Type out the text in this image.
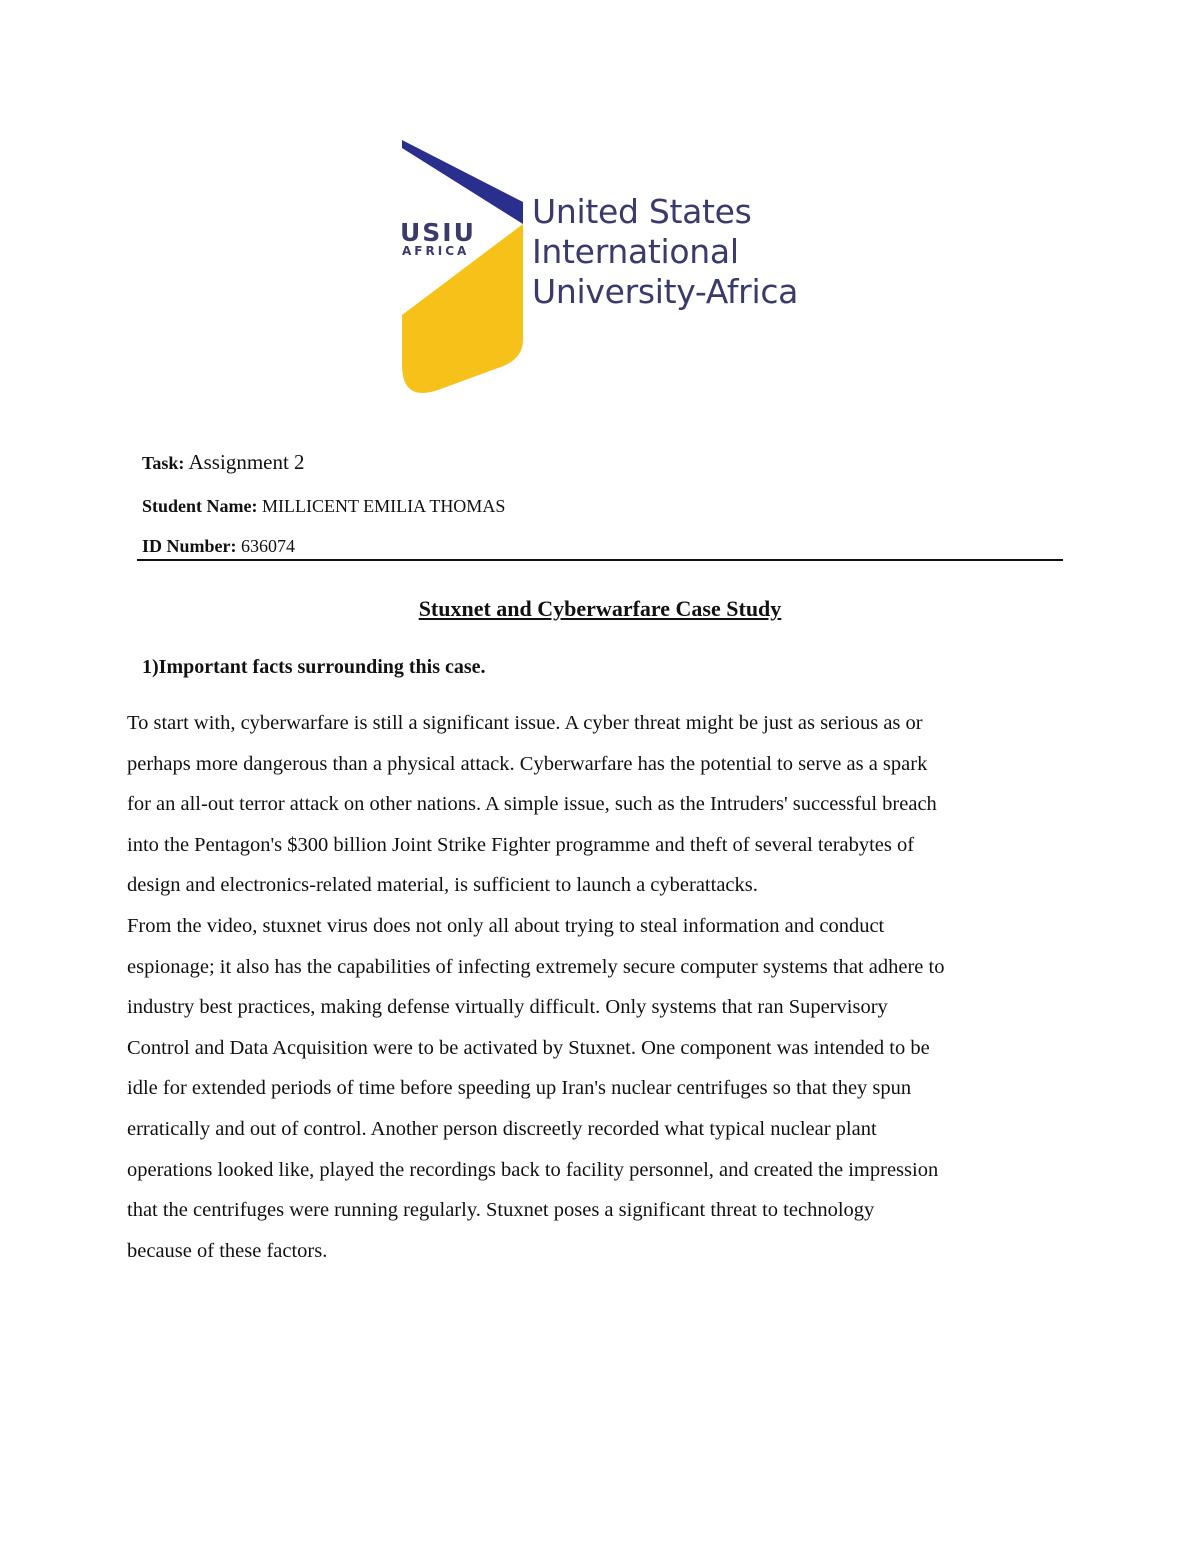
USIU
AFRICA
United States
International
University-Africa
Task: Assignment 2
Student Name: MILLICENT EMILIA THOMAS
ID Number: 636074
Stuxnet and Cyberwarfare Case Study
1)Important facts surrounding this case.
To start with, cyberwarfare is still a significant issue. A cyber threat might be just as serious as or
perhaps more dangerous than a physical attack. Cyberwarfare has the potential to serve as a spark
for an all-out terror attack on other nations. A simple issue, such as the Intruders' successful breach
into the Pentagon's $300 billion Joint Strike Fighter programme and theft of several terabytes of
design and electronics-related material, is sufficient to launch a cyberattacks.
From the video, stuxnet virus does not only all about trying to steal information and conduct
espionage; it also has the capabilities of infecting extremely secure computer systems that adhere to
industry best practices, making defense virtually difficult. Only systems that ran Supervisory
Control and Data Acquisition were to be activated by Stuxnet. One component was intended to be
idle for extended periods of time before speeding up Iran's nuclear centrifuges so that they spun
erratically and out of control. Another person discreetly recorded what typical nuclear plant
operations looked like, played the recordings back to facility personnel, and created the impression
that the centrifuges were running regularly. Stuxnet poses a significant threat to technology
because of these factors.
